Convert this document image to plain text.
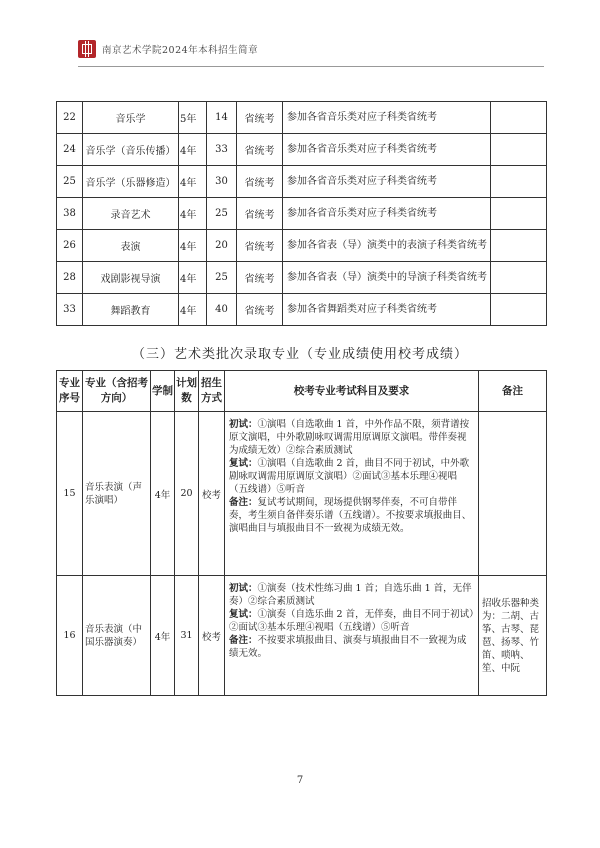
南京艺术学院2024年本科招生简章
22	音乐学	5年	14	省统考	参加各省音乐类对应子科类省统考	
24	音乐学（音乐传播）	4年	33	省统考	参加各省音乐类对应子科类省统考	
25	音乐学（乐器修造）	4年	30	省统考	参加各省音乐类对应子科类省统考	
38	录音艺术	4年	25	省统考	参加各省音乐类对应子科类省统考	
26	表演	4年	20	省统考	参加各省表（导）演类中的表演子科类省统考	
28	戏剧影视导演	4年	25	省统考	参加各省表（导）演类中的导演子科类省统考	
33	舞蹈教育	4年	40	省统考	参加各省舞蹈类对应子科类省统考	
（三）艺术类批次录取专业（专业成绩使用校考成绩）
专业序号	专业（含招考方向）	学制	计划数	招生方式	校考专业考试科目及要求	备注
15	音乐表演（声乐演唱）	4年	20	校考	初试：①演唱（自选歌曲 1 首，中外作品不限，须背谱按原文演唱，中外歌剧咏叹调需用原调原文演唱。带伴奏视为成绩无效）②综合素质测试

复试：①演唱（自选歌曲 2 首，曲目不同于初试，中外歌剧咏叹调需用原调原文演唱）②面试③基本乐理④视唱（五线谱）⑤听音

备注：复试考试期间，现场提供钢琴伴奏，不可自带伴奏，考生须自备伴奏乐谱（五线谱）。不按要求填报曲目、演唱曲目与填报曲目不一致视为成绩无效。	

16	音乐表演（中国乐器演奏）	4年	31	校考	初试：①演奏（技术性练习曲 1 首；自选乐曲 1 首，无伴奏）②综合素质测试

复试：①演奏（自选乐曲 2 首，无伴奏，曲目不同于初试）②面试③基本乐理④视唱（五线谱）⑤听音

备注：不按要求填报曲目、演奏与填报曲目不一致视为成绩无效。	招收乐器种类为：二胡、古筝、古琴、琵琶、扬琴、竹笛、唢呐、笙、中阮
7
